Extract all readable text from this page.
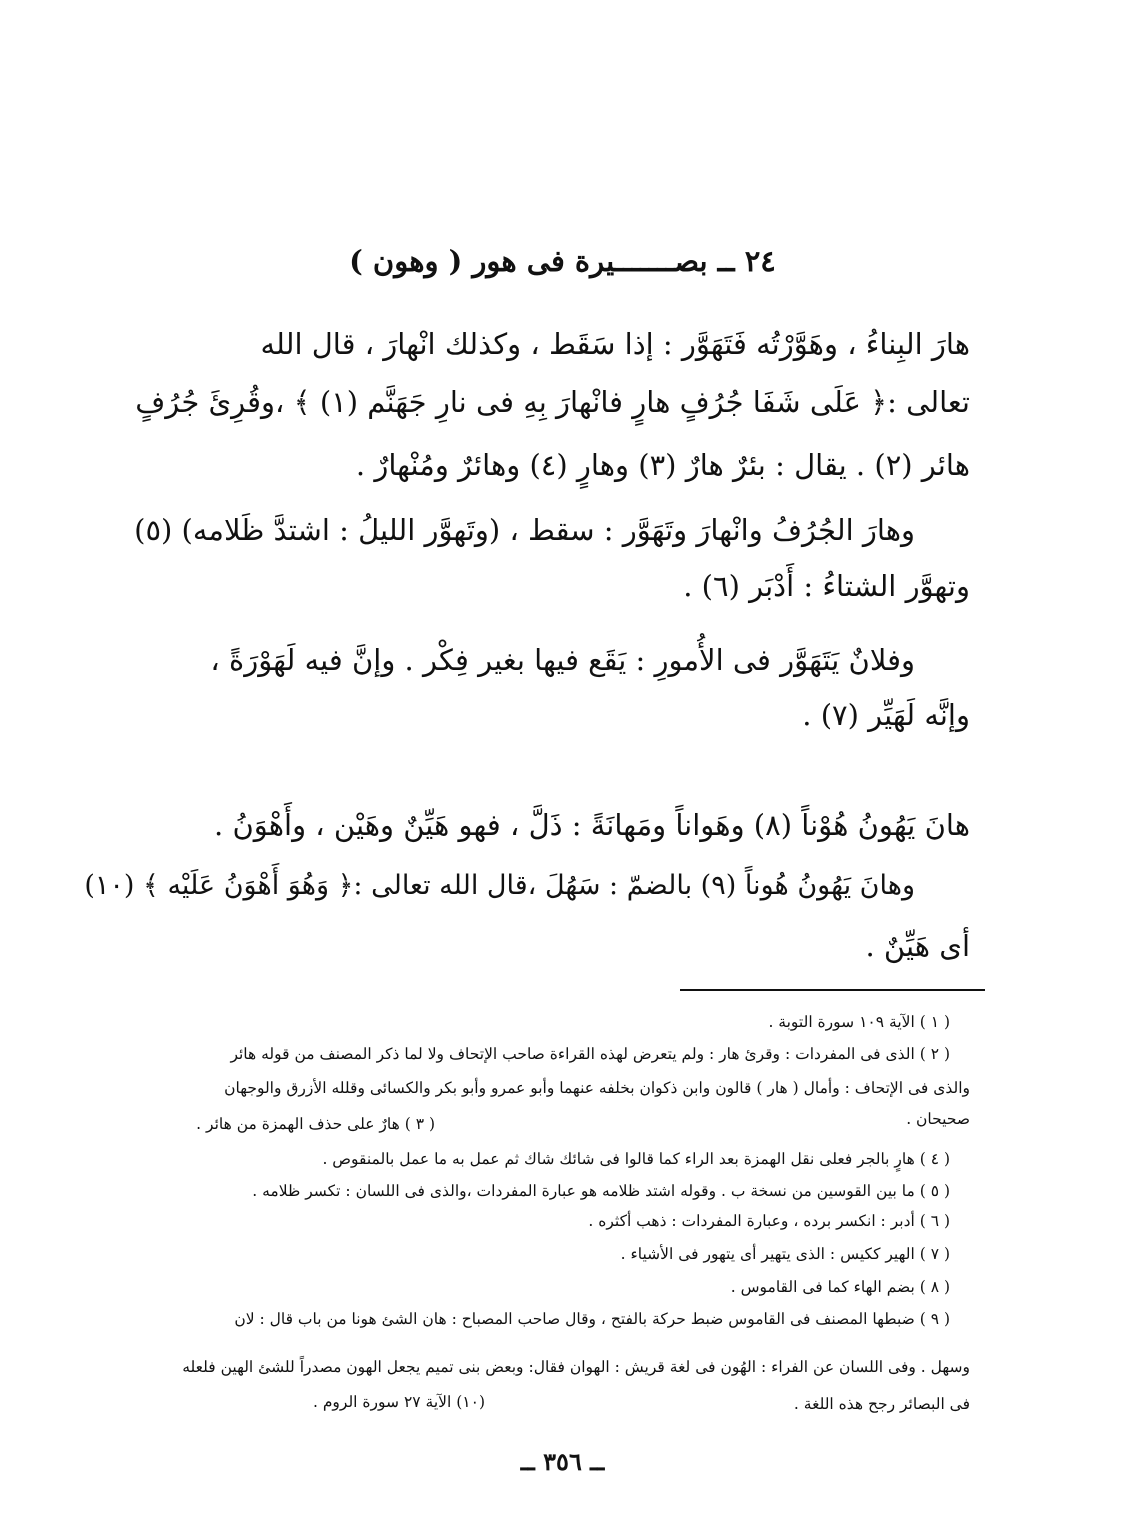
٢٤ ــ بصـــــــيرة فى هور ( وهون )
هارَ البِناءُ ، وهَوَّرْتُه فَتَهَوَّر : إذا سَقَط ، وكذلك انْهارَ ، قال الله
تعالى :﴿ عَلَى شَفَا جُرُفٍ هارٍ فانْهارَ بِهِ فى نارِ جَهَنَّم (١) ﴾ ،وقُرِئَ جُرُفٍ
هائر (٢) . يقال : بئرٌ هارٌ (٣) وهارٍ (٤) وهائرٌ ومُنْهارٌ .
وهارَ الجُرُفُ وانْهارَ وتَهَوَّر : سقط ، (وتَهوَّر الليلُ : اشتدَّ ظَلامه) (٥)
وتهوَّر الشتاءُ : أَدْبَر (٦) .
وفلانٌ يَتَهَوَّر فى الأُمورِ : يَقَع فيها بغير فِكْر . وإنَّ فيه لَهَوْرَةً ،
وإنَّه لَهَيِّر (٧) .
هانَ يَهُونُ هُوْناً (٨) وهَواناً ومَهانَةً : ذَلَّ ، فهو هَيِّنٌ وهَيْن ، وأَهْوَنُ .
وهانَ يَهُونُ هُوناً (٩) بالضمّ : سَهُلَ ،قال الله تعالى :﴿ وَهُوَ أَهْوَنُ عَلَيْه ﴾ (١٠)
أى هَيِّنٌ .
( ١ ) الآية ١٠٩ سورة التوبة .
( ٢ ) الذى فى المفردات : وقرئ هار : ولم يتعرض لهذه القراءة صاحب الإتحاف ولا لما ذكر المصنف من قوله هائر
والذى فى الإتحاف : وأمال ( هار ) قالون وابن ذكوان بخلفه عنهما وأبو عمرو وأبو بكر والكسائى وقلله الأزرق والوجهان
صحيحان .
( ٣ ) هارٌ على حذف الهمزة من هائر .
( ٤ ) هارٍ بالجر فعلى نقل الهمزة بعد الراء كما قالوا فى شائك شاك ثم عمل به ما عمل بالمنقوص .
( ٥ ) ما بين القوسين من نسخة ب . وقوله اشتد ظلامه هو عبارة المفردات ،والذى فى اللسان : تكسر ظلامه .
( ٦ ) أدبر : انكسر برده ، وعبارة المفردات : ذهب أكثره .
( ٧ ) الهير ككيس : الذى يتهير أى يتهور فى الأشياء .
( ٨ ) بضم الهاء كما فى القاموس .
( ٩ ) ضبطها المصنف فى القاموس ضبط حركة بالفتح ، وقال صاحب المصباح : هان الشئ هونا من باب قال : لان
وسهل . وفى اللسان عن الفراء : الهُون فى لغة قريش : الهوان فقال: وبعض بنى تميم يجعل الهون مصدراً للشئ الهين فلعله
فى البصائر رجح هذه اللغة .
(١٠) الآية ٢٧ سورة الروم .
ــ ٣٥٦ ــ
